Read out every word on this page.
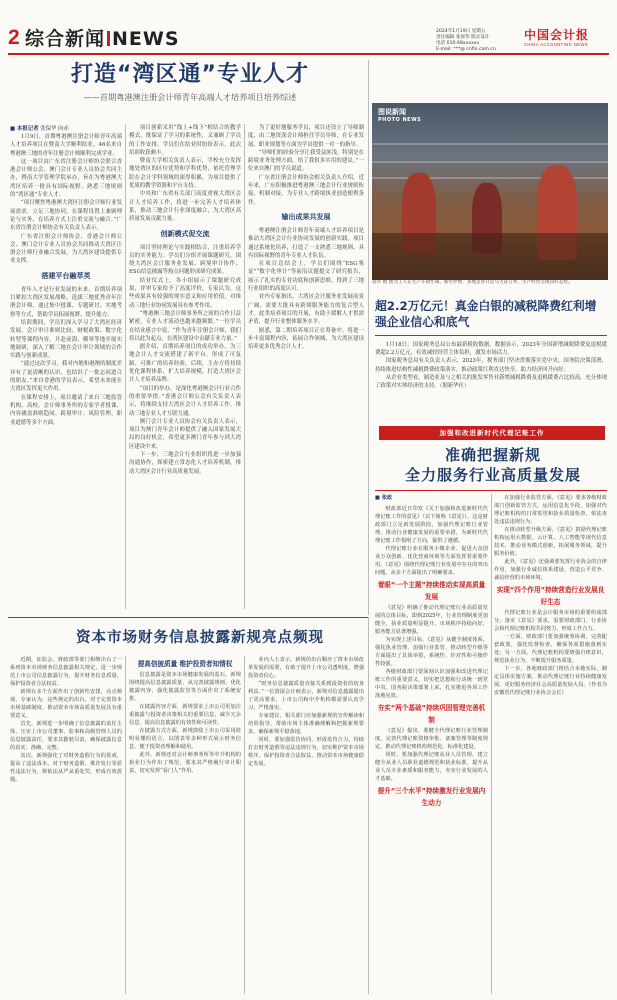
2 综合新闻 NEWS	2024年1月19日 星期五
责任编辑 张保华 版式设计
电话 010-68xxxxxx
E-mail: ***@ cnfin.com.cn
中国会计报
CHINA ACCOUNTING NEWS
打造“湾区通”专业人才
——首期粤港澳注册会计师青年高端人才培养项目培养综述
■ 本报记者 张保华 向赤

1月9日，首期粤港澳注册会计师青年高端人才培养项目在暨南大学顺利结业，46名来自粤港澳三地的青年注册会计师顺利完成学业。

这一项目由广东省注册会计师协会联合香港会计师公会、澳门会计专业人员协会共同主办，暨南大学管理学院承办，旨在为粤港澳大湾区培养一批具有国际视野、熟悉三地规则的“湾区通”专业人才。

“项目聚焦粤港澳大湾区注册会计师行业发展需求，立足三地协同，在课程设置上兼顾理论与实务，在培养方式上注重交流与融合。”广东省注册会计师协会有关负责人表示。

广东省注册会计师协会、香港会计师公会、澳门会计专业人员协会共同推动大湾区注册会计师行业融合发展，为大湾区建设提供专业支撑。

搭建平台融萃英

青年人才是行业发展的未来。首期培养项目紧扣大湾区发展战略，选拔三地优秀青年注册会计师，通过集中授课、专题研讨、实地考察等方式，帮助学员拓展视野、提升能力。

培训期间，学员们深入学习了大湾区经济发展、会计审计准则比较、财税政策、数字化转型等课程内容，并赴前海、横琴等地开展实地调研，深入了解三地在会计审计领域的合作实践与创新成果。

“通过这次学习，我对内地和港澳的制度差异有了更清晰的认识，也结识了一批志同道合的朋友。”来自香港的学员表示，希望未来能在大湾区发挥更大作用。

在课程安排上，项目邀请了来自三地监管机构、高校、会计师事务所的专家学者授课，内容涵盖准则趋同、跨境审计、风险管理、职业道德等多个方面。

项目创新采用“线上+线下”相结合的教学模式，既保证了学习的系统性，又兼顾了学员的工作安排。学员们在结业时纷纷表示，此次培训收获颇丰。

暨南大学相关负责人表示，学校充分发挥地处湾区的区位优势和学科优势，依托管理学院在会计学科领域的深厚积累，为项目提供了优质的教学资源和平台支持。

中央和广东省有关部门高度重视大湾区会计人才培养工作，将进一步完善人才培养体系，推动三地会计行业深度融合，为大湾区高质量发展贡献力量。

创新模式促交流

项目坚持理论与实践相结合，注重培养学员的实务能力。学员们分组开展课题研究，围绕大湾区会计服务业发展、跨境审计协作、ESG信息披露等热点问题形成研究成果。

结业仪式上，各小组展示了课题研究成果，评审专家给予了高度评价。专家认为，这些成果具有较强的现实意义和应用价值，对推动三地行业协同发展具有参考作用。

“粤港澳三地会计师事务所之间的合作日益紧密，专业人才流动也越来越频繁。”一位学员在结业感言中说，“作为青年注册会计师，我们将以此为起点，在湾区建设中贡献专业力量。”

据介绍，首期培养项目的成功举办，为三地会计人才交流搭建了新平台，形成了可复制、可推广的培养经验。后续，主办方将持续优化课程体系，扩大培养规模，打造大湾区会计人才培养品牌。

“项目的举办，是深化粤港澳会计行业合作的重要举措。”香港会计师公会有关负责人表示，将继续支持大湾区会计人才培养工作，推动三地专业人才互联互通。

澳门会计专业人员协会有关负责人表示，项目为澳门青年会计师提供了融入国家发展大局的良好机会，希望更多澳门青年参与到大湾区建设中来。

下一步，三地会计行业组织将进一步加强沟通协作，探索建立常态化人才培养机制，推动大湾区会计行业高质量发展。

为了更好地服务学员，项目还设立了导师制度，由三地资深会计师担任学员导师，在专业发展、职业规划等方面为学员提供一对一的指导。

“导师们的经验分享让我受益匪浅，特别是在跨境业务处理方面，给了我很多实用的建议。”一位来自澳门的学员说道。

广东省注册会计师协会相关负责人介绍，近年来，广东积极推进粤港澳三地会计行业规则衔接、机制对接，为专业人才跨境执业创造便利条件。

输出成果共发展

粤港澳注册会计师青年高端人才培养项目是推动大湾区会计行业协同发展的创新实践。项目通过系统化培养，打造了一支熟悉三地规则、具有国际视野的青年专业人才队伍。

在项目总结会上，学员们围绕“ESG鉴证”“数字化审计”等前沿议题提交了研究报告，展示了扎实的专业功底和创新思维，得到了三地行业组织的高度认可。

业内专家指出，大湾区会计服务业发展前景广阔，需要大批具有跨境服务能力的复合型人才。此类培养项目的开展，有助于缓解人才供需矛盾，提升行业整体服务水平。

据悉，第二期培养项目正在筹备中，将进一步丰富课程内容，拓展合作领域，为大湾区建设培养更多优秀会计人才。

图说新闻
PHOTO NEWS
高华 摄 图为工人在生产车间忙碌。新年伊始，多地企业开足马力赶订单，生产经营呈现良好态势。
超2.2万亿元！真金白银的减税降费红利增强企业信心和底气

1月18日，国家税务总局公布最新税收数据，数据显示，2023年全国新增减税降费及退税缓费超2.2万亿元，有效减轻经营主体负担，激发市场活力。

国家税务总局有关负责人表示，2023年，税务部门坚决贯彻落实党中央、国务院决策部署，持续推进结构性减税降费政策落实，推动政策红利直达快享，助力经济回升向好。

从企业类型看，制造业及与之相关的批发零售业新增减税降费及退税缓费占比较高，充分体现了政策对实体经济的支持。（据新华社）

加强和改进新时代代理记账工作
准确把握新规
全力服务行业高质量发展
■ 张政

财政部近日印发《关于加强和改进新时代代理记账工作的意见》（以下简称《意见》），这是财政部门立足新发展阶段，加强代理记账行业管理、推动行业健康发展的重要举措，为新时代代理记账工作指明了方向，提供了遵循。

代理记账行业在服务小微企业、促进大众创业万众创新、优化营商环境等方面发挥着重要作用。《意见》围绕代理记账行业发展中存在的突出问题，从多个方面提出了明确要求。

着眼“一个主题”持续推动实现高质量发展

《意见》明确了推动代理记账行业高质量发展的总体目标，即到2025年，行业管理制度更加健全，执业质量明显提升，市场秩序持续向好，服务能力显著增强。

为实现上述目标，《意见》从健全制度体系、强化执业管理、加强行业监管、推动转型升级等方面提出了具体举措，系统性、针对性和可操作性较强。

各级财政部门要深刻认识加强和改进代理记账工作的重要意义，切实把思想和行动统一到党中央、国务院决策部署上来，扎实推进各项工作落地见效。

夯实“两个基础”持续巩固管理完善机制

《意见》提出，要健全代理记账行业管理制度，完善代理记账资格审批、备案管理等制度规定，推动代理记账机构规范化、标准化建设。

同时，要加强代理记账从业人员管理，建立健全从业人员职业道德规范和执业标准，提升从业人员专业素质和服务能力，夯实行业发展的人才基础。

提升“三个水平”持续激发行业发展内生动力

在加强行业监管方面，《意见》要求各级财政部门创新监管方式，运用信息化手段，加强对代理记账机构的日常监管和执业质量检查，依法查处违法违规行为。

在推动转型升级方面，《意见》鼓励代理记账机构运用大数据、云计算、人工智能等现代信息技术，推动业务模式创新，拓展服务领域，提升服务价值。

此外，《意见》还强调要发挥行业协会的自律作用，加强行业诚信体系建设，营造公平竞争、诚信经营的市场环境。

实现“四个作用”持续营造行业发展良好生态

代理记账行业是会计服务市场的重要组成部分。落实《意见》要求，需要财政部门、行业协会和代理记账机构共同努力，形成工作合力。

一方面，财政部门要加强统筹协调，完善配套政策，强化监督检查，确保各项措施落到实处；另一方面，代理记账机构要增强自律意识，规范执业行为，不断提升服务质量。

下一步，各地财政部门将结合本地实际，制定具体实施方案，推动代理记账行业持续健康发展，更好服务经济社会高质量发展大局。（作者为安徽省代理记账行业协会会长）

资本市场财务信息披露新规亮点频现

近期，证监会、财政部等部门相继出台了一系列资本市场财务信息披露相关规定，进一步规范上市公司信息披露行为，提升财务信息质量，保护投资者合法权益。

新规在多个方面作出了创新性安排，亮点频现。专家认为，这些规定的出台，对于完善资本市场基础制度、推动资本市场高质量发展具有重要意义。

首先，新规进一步明确了信息披露的责任主体，压实上市公司董事、监事和高级管理人员的信息披露责任，要求其勤勉尽责，确保披露信息的真实、准确、完整。

其次，新规强化了对财务造假行为的惩戒，提高了违法成本。对于财务造假、欺诈发行等恶性违法行为，将依法从严从重处罚，形成有效震慑。

提高信披质量 维护投资者知情权

信息披露是资本市场健康发展的基石。新规围绕提高信息披露质量，从完善披露规则、优化披露内容、强化披露监管等方面作出了系统安排。

在披露内容方面，新规要求上市公司更加注重披露与投资者决策相关的重要信息，减少冗余信息，提高信息披露的有效性和可读性。

在披露方式方面，新规鼓励上市公司采用简明易懂的语言，以图表等多种形式展示财务信息，便于投资者理解和使用。

此外，新规还对会计师事务所等中介机构的执业行为作出了规范，要求其严格履行审计职责，切实发挥“看门人”作用。

业内人士表示，新规的出台顺应了资本市场改革发展的需要，有助于提升上市公司透明度，增强投资者信心。

“财务信息披露质量直接关系到投资者的切身利益。”一位资深会计师表示，新规对信息披露提出了更高要求，上市公司和中介机构都需要认真学习、严格落实。

专家建议，相关部门应加强新规的宣传解读和培训指导，帮助市场主体准确理解和把握新规要求，确保新规平稳落地。

同时，要加强监管协同，形成监管合力，持续打击财务造假等违法违规行为，切实维护资本市场秩序，保护投资者合法权益，推动资本市场健康稳定发展。
